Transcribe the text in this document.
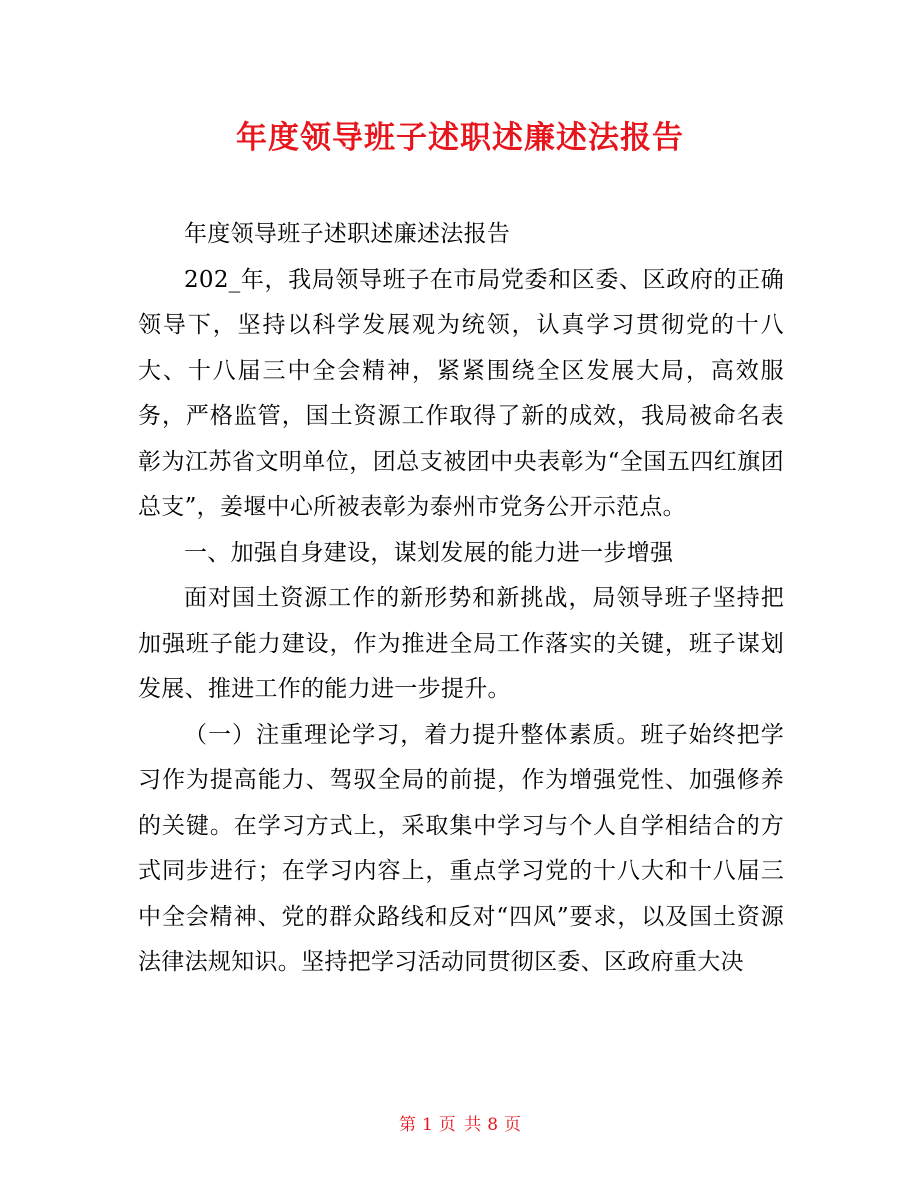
年度领导班子述职述廉述法报告

年度领导班子述职述廉述法报告

202_年，我局领导班子在市局党委和区委、区政府的正确领导下，坚持以科学发展观为统领，认真学习贯彻党的十八大、十八届三中全会精神，紧紧围绕全区发展大局，高效服务，严格监管，国土资源工作取得了新的成效，我局被命名表彰为江苏省文明单位，团总支被团中央表彰为“全国五四红旗团总支”，姜堰中心所被表彰为泰州市党务公开示范点。

一、加强自身建设，谋划发展的能力进一步增强

面对国土资源工作的新形势和新挑战，局领导班子坚持把加强班子能力建设，作为推进全局工作落实的关键，班子谋划发展、推进工作的能力进一步提升。

（一）注重理论学习，着力提升整体素质。班子始终把学习作为提高能力、驾驭全局的前提，作为增强党性、加强修养的关键。在学习方式上，采取集中学习与个人自学相结合的方式同步进行；在学习内容上，重点学习党的十八大和十八届三中全会精神、党的群众路线和反对“四风”要求，以及国土资源法律法规知识。坚持把学习活动同贯彻区委、区政府重大决

第 1 页 共 8 页
